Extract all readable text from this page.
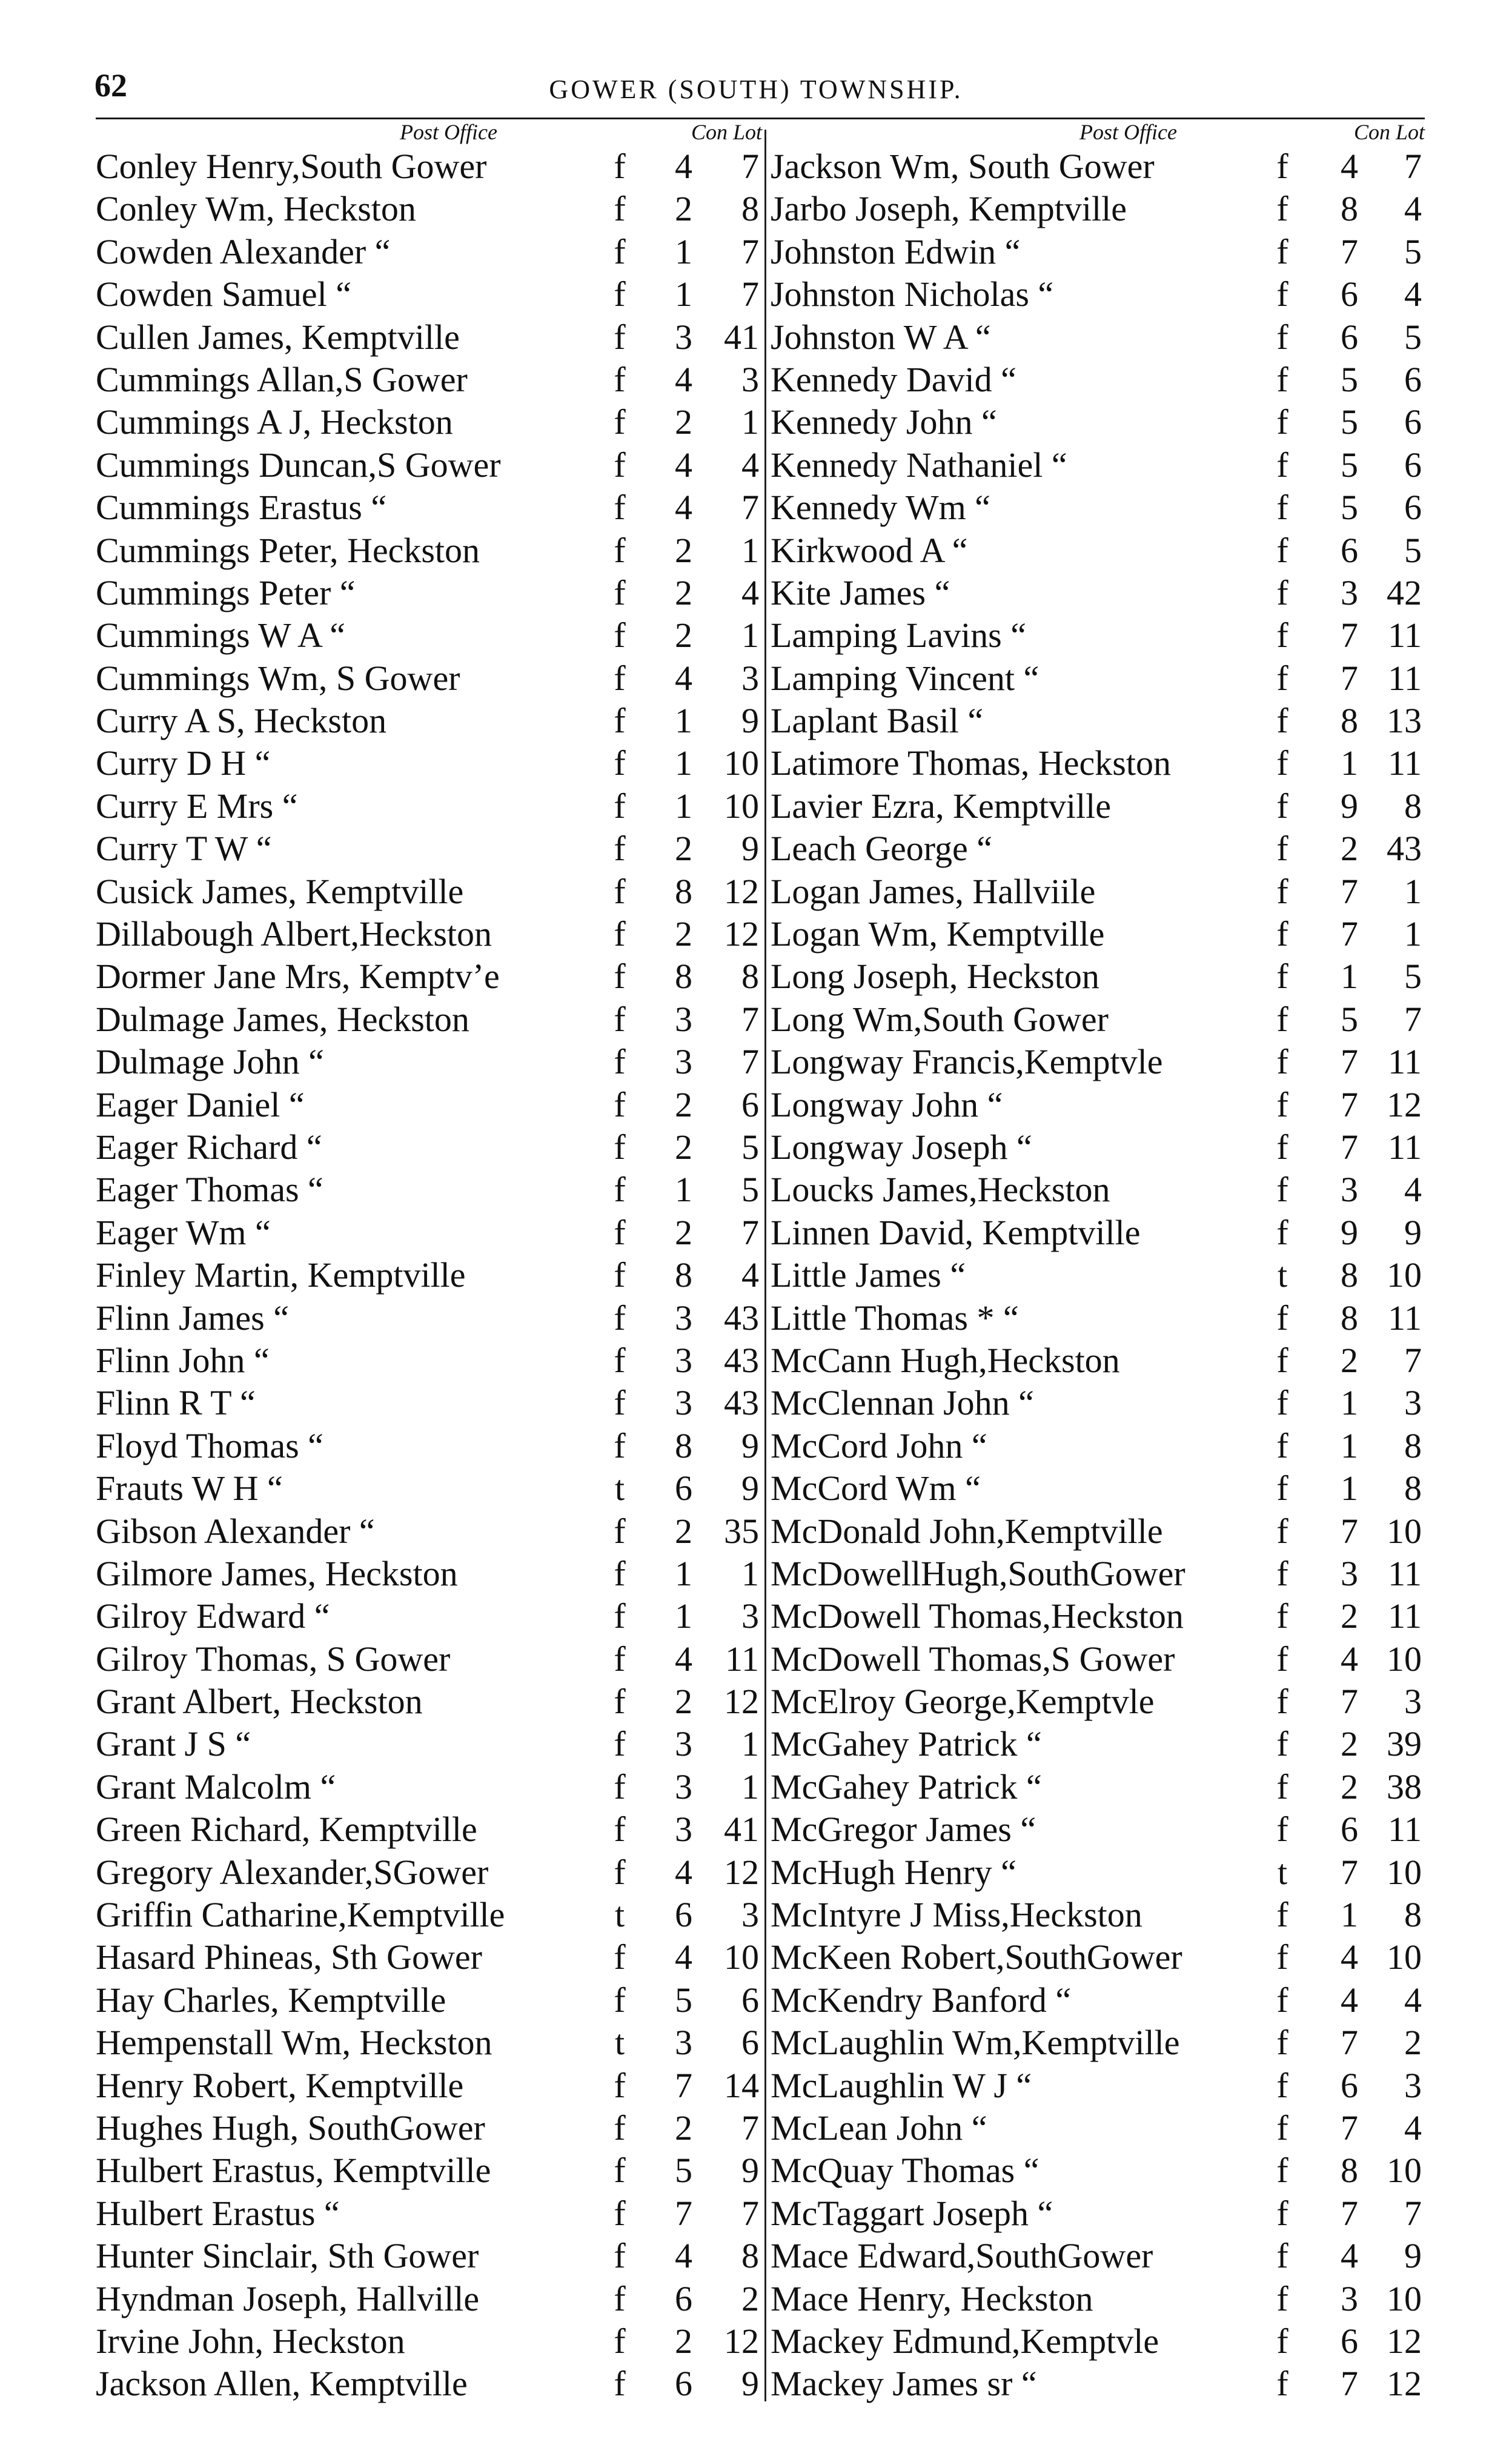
62	GOWER (SOUTH) TOWNSHIP.
Post Office	Con Lot
Conley Henry,South Gower	f	4	7
Conley Wm, Heckston	f	2	8
Cowden Alexander “	f	1	7
Cowden Samuel “	f	1	7
Cullen James, Kemptville	f	3 41
Cummings Allan,S Gower	f	4	3
Cummings A J, Heckston	f	2	1
Cummings Duncan,S Gower	f	4	4
Cummings Erastus “	f	4	7
Cummings Peter, Heckston	f	2	1
Cummings Peter “	f	2	4
Cummings W A “	f	2	1
Cummings Wm, S Gower	f	4	3
Curry A S, Heckston	f	1	9
Curry D H “	f	1 10
Curry E Mrs “	f	1 10
Curry T W “	f	2	9
Cusick James, Kemptville	f	8 12
Dillabough Albert,Heckston	f	2 12
Dormer Jane Mrs, Kemptv’e	f	8	8
Dulmage James, Heckston	f	3	7
Dulmage John “	f	3	7
Eager Daniel “	f	2	6
Eager Richard “	f	2	5
Eager Thomas “	f	1	5
Eager Wm “	f	2	7
Finley Martin, Kemptville	f	8	4
Flinn James “	f	3 43
Flinn John “	f	3 43
Flinn R T “	f	3 43
Floyd Thomas “	f	8	9
Frauts W H “	t	6	9
Gibson Alexander “	f	2 35
Gilmore James, Heckston	f	1	1
Gilroy Edward “	f	1	3
Gilroy Thomas, S Gower	f	4 11
Grant Albert, Heckston	f	2 12
Grant J S “	f	3	1
Grant Malcolm “	f	3	1
Green Richard, Kemptville	f	3 41
Gregory Alexander,SGower	f	4 12
Griffin Catharine,Kemptville	t	6	3
Hasard Phineas, Sth Gower	f	4 10
Hay Charles, Kemptville	f	5	6
Hempenstall Wm, Heckston	t	3	6
Henry Robert, Kemptville	f	7 14
Hughes Hugh, SouthGower	f	2	7
Hulbert Erastus, Kemptville	f	5	9
Hulbert Erastus “	f	7	7
Hunter Sinclair, Sth Gower	f	4	8
Hyndman Joseph, Hallville	f	6	2
Irvine John, Heckston	f	2 12
Jackson Allen, Kemptville	f	6	9
Post Office	Con Lot
Jackson Wm, South Gower	f	4	7
Jarbo Joseph, Kemptville	f	8	4
Johnston Edwin “	f	7	5
Johnston Nicholas “	f	6	4
Johnston W A “	f	6	5
Kennedy David “	f	5	6
Kennedy John “	f	5	6
Kennedy Nathaniel “	f	5	6
Kennedy Wm “	f	5	6
Kirkwood A “	f	6	5
Kite James “	f	3 42
Lamping Lavins “	f	7 11
Lamping Vincent “	f	7 11
Laplant Basil “	f	8 13
Latimore Thomas, Heckston	f	1 11
Lavier Ezra, Kemptville	f	9	8
Leach George “	f	2 43
Logan James, Hallviile	f	7	1
Logan Wm, Kemptville	f	7	1
Long Joseph, Heckston	f	1	5
Long Wm,South Gower	f	5	7
Longway Francis,Kemptvle	f	7 11
Longway John “	f	7 12
Longway Joseph “	f	7 11
Loucks James,Heckston	f	3	4
Linnen David, Kemptville	f	9	9
Little James “	t	8 10
Little Thomas * “	f	8 11
McCann Hugh,Heckston	f	2	7
McClennan John “	f	1	3
McCord John “	f	1	8
McCord Wm “	f	1	8
McDonald John,Kemptville	f	7 10
McDowellHugh,SouthGower	f	3 11
McDowell Thomas,Heckston	f	2 11
McDowell Thomas,S Gower	f	4 10
McElroy George,Kemptvle	f	7	3
McGahey Patrick “	f	2 39
McGahey Patrick “	f	2 38
McGregor James “	f	6 11
McHugh Henry “	t	7 10
McIntyre J Miss,Heckston	f	1	8
McKeen Robert,SouthGower	f	4 10
McKendry Banford “	f	4	4
McLaughlin Wm,Kemptville	f	7	2
McLaughlin W J “	f	6	3
McLean John “	f	7	4
McQuay Thomas “	f	8 10
McTaggart Joseph “	f	7	7
Mace Edward,SouthGower	f	4	9
Mace Henry, Heckston	f	3 10
Mackey Edmund,Kemptvle	f	6 12
Mackey James sr “	f	7 12
